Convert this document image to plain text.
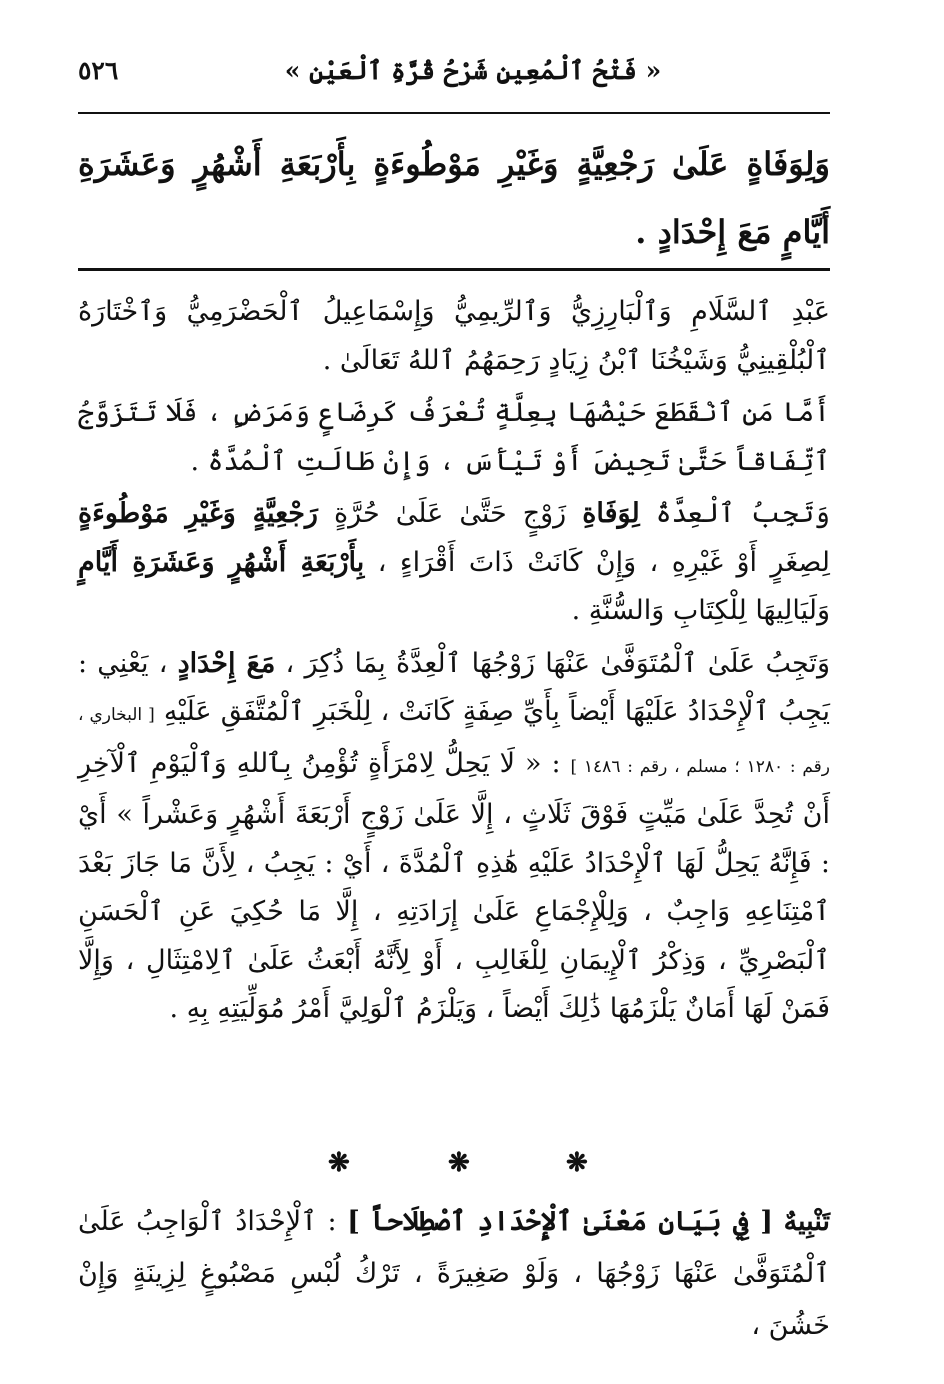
٥٢٦	« فَتْحُ ٱلْمُعِينِ شَرْحُ قُرَّةِ ٱلْعَيْنِ »
وَلِوَفَاةٍ عَلَىٰ رَجْعِيَّةٍ وَغَيْرِ مَوْطُوءَةٍ بِأَرْبَعَةِ أَشْهُرٍ وَعَشَرَةِ أَيَّامٍ مَعَ إِحْدَادٍ .

عَبْدِ ٱلسَّلَامِ وَٱلْبَارِزِيُّ وَٱلرِّيمِيُّ وَإِسْمَاعِيلُ ٱلْحَضْرَمِيُّ وَٱخْتَارَهُ ٱلْبُلْقِينِيُّ وَشَيْخُنَا ٱبْنُ زِيَادٍ رَحِمَهُمُ ٱللهُ تَعَالَىٰ .

أَمَّا مَنِ ٱنْقَطَعَ حَيْضُهَا بِعِلَّةٍ تُعْرَفُ كَرِضَاعٍ وَمَرَضٍ ، فَلَا تَتَزَوَّجُ ٱتِّفَاقاً حَتَّىٰ تَحِيضَ أَوْ تَيْأَسَ ، وَإِنْ طَالَتِ ٱلْمُدَّةُ .

وَتَجِبُ ٱلْعِدَّةُ لِوَفَاةِ زَوْجٍ حَتَّىٰ عَلَىٰ حُرَّةٍ رَجْعِيَّةٍ وَغَيْرِ مَوْطُوءَةٍ لِصِغَرٍ أَوْ غَيْرِهِ ، وَإِنْ كَانَتْ ذَاتَ أَقْرَاءٍ ، بِأَرْبَعَةِ أَشْهُرٍ وَعَشَرَةِ أَيَّامٍ وَلَيَالِيهَا لِلْكِتَابِ وَالسُّنَّةِ .

وَتَجِبُ عَلَىٰ ٱلْمُتَوَفَّىٰ عَنْهَا زَوْجُهَا ٱلْعِدَّةُ بِمَا ذُكِرَ ، مَعَ إِحْدَادٍ ، يَعْنِي : يَجِبُ ٱلْإِحْدَادُ عَلَيْهَا أَيْضاً بِأَيِّ صِفَةٍ كَانَتْ ، لِلْخَبَرِ ٱلْمُتَّفَقِ عَلَيْهِ [ البخاري ، رقم : ١٢٨٠ ؛ مسلم ، رقم : ١٤٨٦ ] : « لَا يَحِلُّ لِامْرَأَةٍ تُؤْمِنُ بِٱللهِ وَٱلْيَوْمِ ٱلْآخِرِ أَنْ تُحِدَّ عَلَىٰ مَيِّتٍ فَوْقَ ثَلَاثٍ ، إِلَّا عَلَىٰ زَوْجٍ أَرْبَعَةَ أَشْهُرٍ وَعَشْراً » أَيْ : فَإِنَّهُ يَحِلُّ لَهَا ٱلْإِحْدَادُ عَلَيْهِ هَٰذِهِ ٱلْمُدَّةَ ، أَيْ : يَجِبُ ، لِأَنَّ مَا جَازَ بَعْدَ ٱمْتِنَاعِهِ وَاجِبٌ ، وَلِلْإِجْمَاعِ عَلَىٰ إِرَادَتِهِ ، إِلَّا مَا حُكِيَ عَنِ ٱلْحَسَنِ ٱلْبَصْرِيِّ ، وَذِكْرُ ٱلْإِيمَانِ لِلْغَالِبِ ، أَوْ لِأَنَّهُ أَبْعَثُ عَلَىٰ ٱلِامْتِثَالِ ، وَإِلَّا فَمَنْ لَهَا أَمَانٌ يَلْزَمُهَا ذَٰلِكَ أَيْضاً ، وَيَلْزَمُ ٱلْوَلِيَّ أَمْرُ مُوَلِّيَتِهِ بِهِ .

❋	❋	❋
تَنْبِيهٌ [ فِي بَيَانِ مَعْنَىٰ ٱلْإِحْدَادِ ٱصْطِلَاحاً ] : ٱلْإِحْدَادُ ٱلْوَاجِبُ عَلَىٰ ٱلْمُتَوَفَّىٰ عَنْهَا زَوْجُهَا ، وَلَوْ صَغِيرَةً ، تَرْكُ لُبْسِ مَصْبُوغٍ لِزِينَةٍ وَإِنْ خَشُنَ ،
